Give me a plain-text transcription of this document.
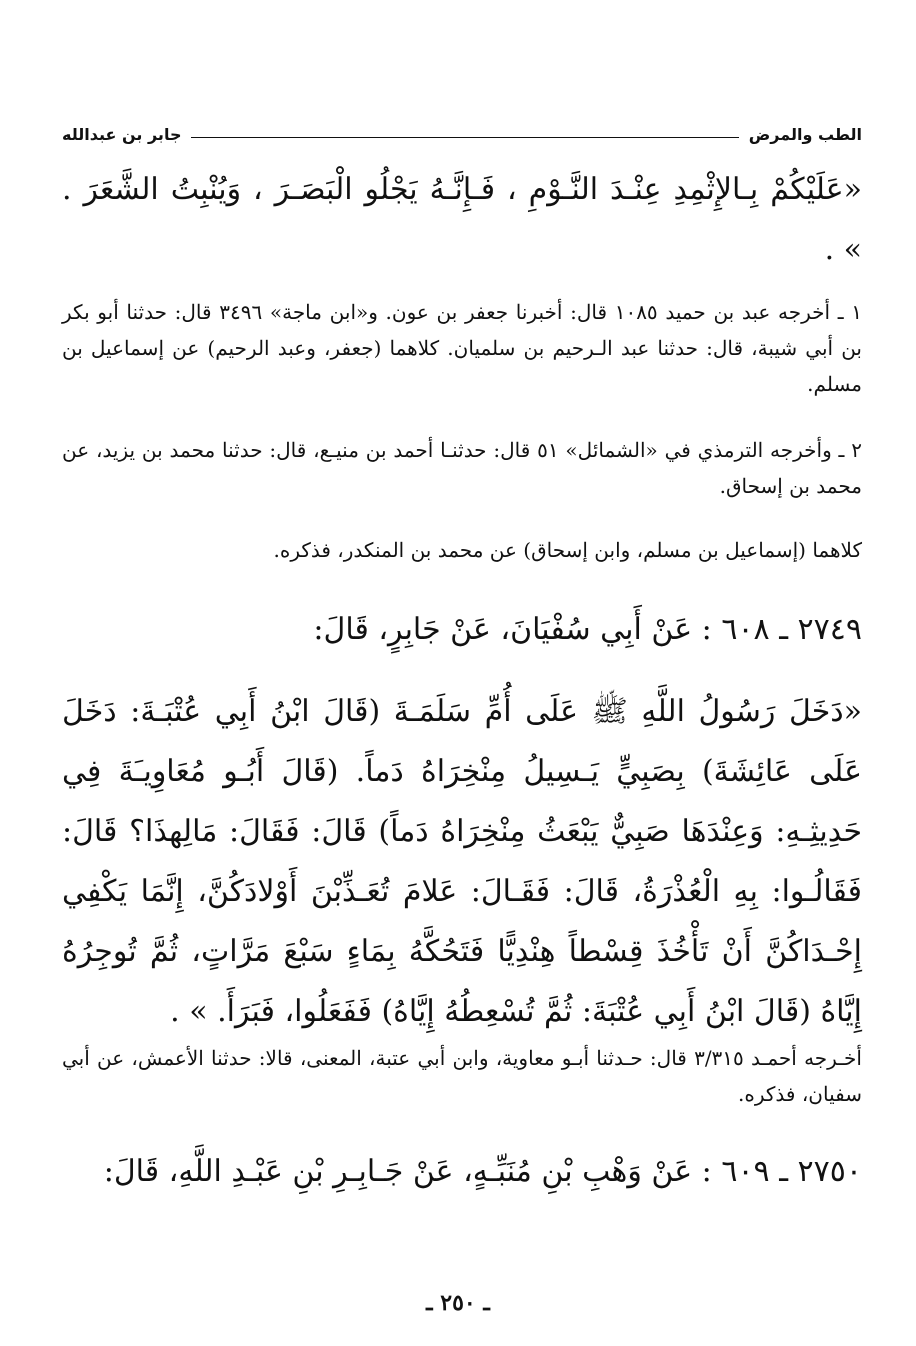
الطب والمرض
جابر بن عبدالله
«عَلَيْكُمْ بِـالإِثْمِدِ عِنْـدَ النَّـوْمِ ، فَـإِنَّـهُ يَجْلُو الْبَصَـرَ ، وَيُنْبِتُ الشَّعَرَ . » .
١ ـ أخرجه عبد بن حميد ١٠٨٥ قال: أخبرنا جعفر بن عون. و«ابن ماجة» ٣٤٩٦ قال: حدثنا أبو بكر بن أبي شيبة، قال: حدثنا عبد الـرحيم بن سلميان. كلاهما (جعفر، وعبد الرحيم) عن إسماعيل بن مسلم.
٢ ـ وأخرجه الترمذي في «الشمائل» ٥١ قال: حدثنـا أحمد بن منيـع، قال: حدثنا محمد بن يزيد، عن محمد بن إسحاق.
كلاهما (إسماعيل بن مسلم، وابن إسحاق) عن محمد بن المنكدر، فذكره.
٢٧٤٩ ـ ٦٠٨ : عَنْ أَبِي سُفْيَانَ، عَنْ جَابِرٍ، قَالَ:
«دَخَلَ رَسُولُ اللَّهِ ﷺ عَلَى أُمِّ سَلَمَـةَ (قَالَ ابْنُ أَبِي عُتْبَـةَ: دَخَلَ عَلَى عَائِشَةَ) بِصَبِيٍّ يَـسِيلُ مِنْخِرَاهُ دَماً. (قَالَ أَبُـو مُعَاوِيـَةَ فِي حَدِيثِـهِ: وَعِنْدَهَا صَبِيٌّ يَبْعَثُ مِنْخِرَاهُ دَماً) قَالَ: فَقَالَ: مَالِهذَا؟ قَالَ: فَقَالُـوا: بِهِ الْعُذْرَةُ، قَالَ: فَقَـالَ: عَلامَ تُعَـذِّبْنَ أَوْلادَكُنَّ، إِنَّمَا يَكْفِي إِحْـدَاكُنَّ أَنْ تَأْخُذَ قِسْطاً هِنْدِيًّا فَتَحُكَّهُ بِمَاءٍ سَبْعَ مَرَّاتٍ، ثُمَّ تُوجِرُهُ إِيَّاهُ (قَالَ ابْنُ أَبِي عُتْبَةَ: ثُمَّ تُسْعِطُهُ إِيَّاهُ) فَفَعَلُوا، فَبَرَأَ. » .
أخـرجه أحمـد ٣/٣١٥ قال: حـدثنا أبـو معاوية، وابن أبي عتبة، المعنى، قالا: حدثنا الأعمش، عن أبي سفيان، فذكره.
٢٧٥٠ ـ ٦٠٩ : عَنْ وَهْبِ بْنِ مُنَبِّـهٍ، عَنْ جَـابِـرِ بْنِ عَبْـدِ اللَّهِ، قَالَ:
ـ ٢٥٠ ـ
